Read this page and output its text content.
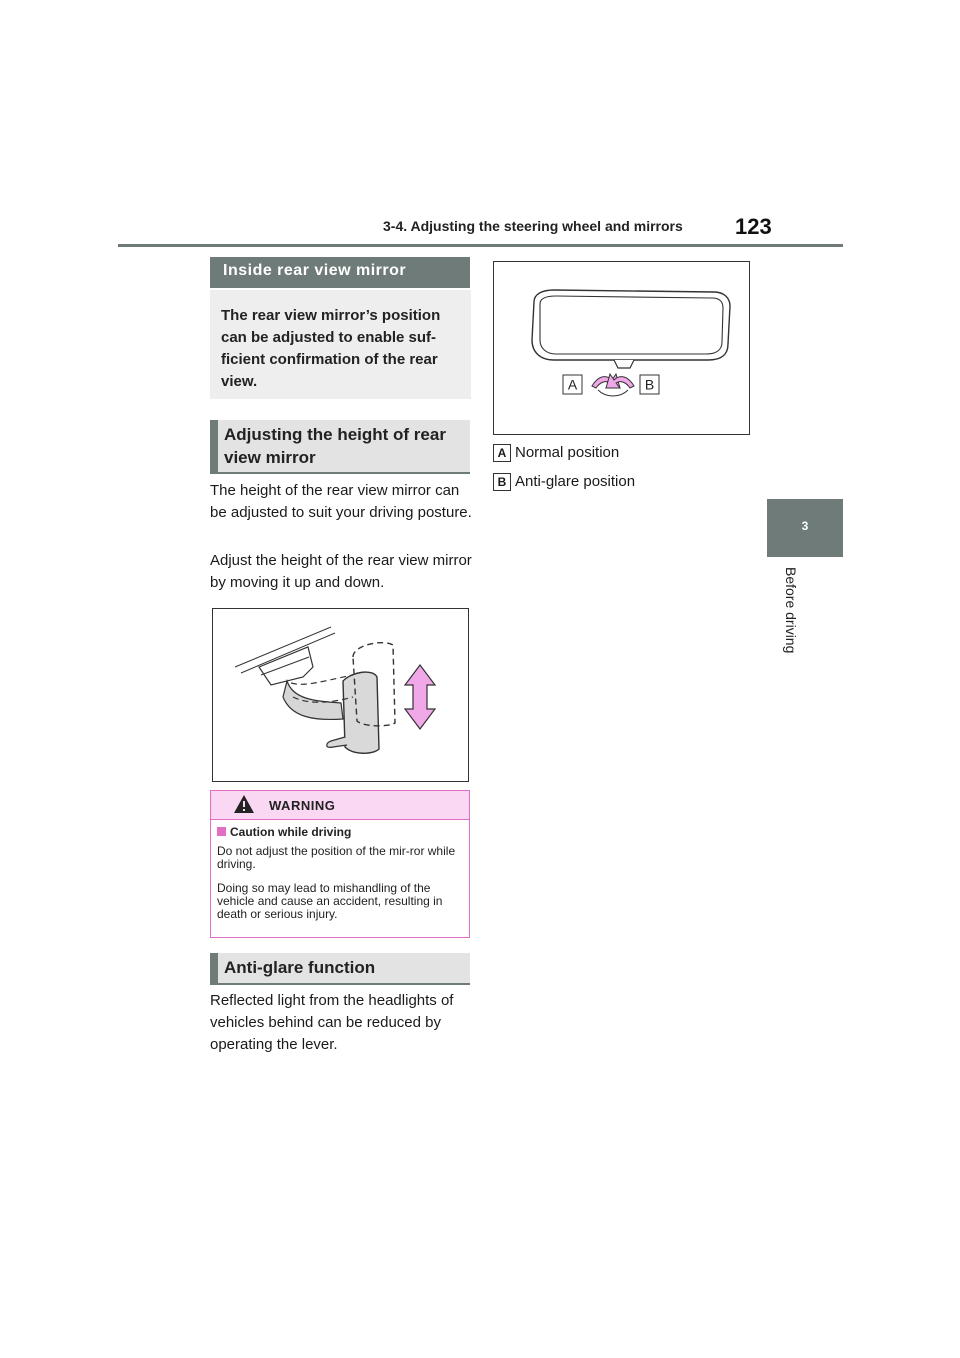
3-4. Adjusting the steering wheel and mirrors 123
3
Before driving
Inside rear view mirror
The rear view mirror’s position can be adjusted to enable suf-ficient confirmation of the rear view.
Adjusting the height of rear view mirror
The height of the rear view mirror can be adjusted to suit your driving posture.
Adjust the height of the rear view mirror by moving it up and down.
WARNING
Caution while driving
Do not adjust the position of the mir-ror while driving.
Doing so may lead to mishandling of the vehicle and cause an accident, resulting in death or serious injury.
Anti-glare function
Reflected light from the headlights of vehicles behind can be reduced by operating the lever.
A	B
A Normal position
B Anti-glare position
